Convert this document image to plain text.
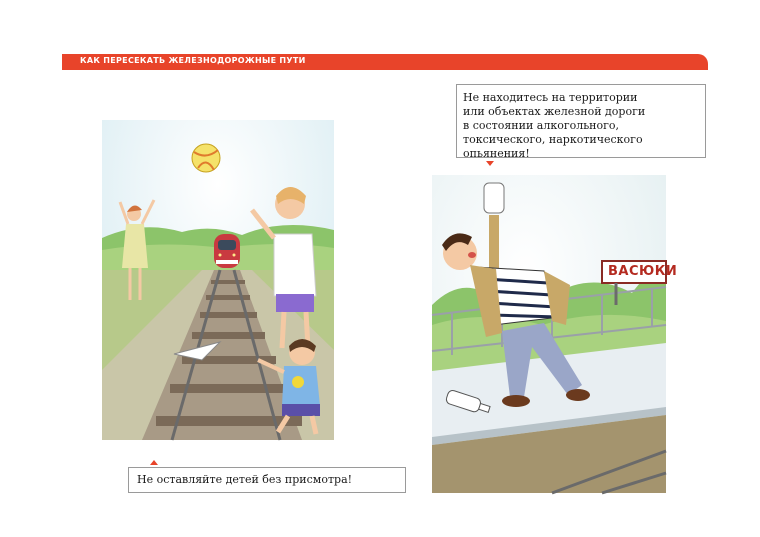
КАК ПЕРЕСЕКАТЬ ЖЕЛЕЗНОДОРОЖНЫЕ ПУТИ
ВАСЮКИ
Не находитесь на территории
или объектах железной дороги
в состоянии алкогольного,
токсического, наркотического
опьянения!
Не оставляйте детей без присмотра!
